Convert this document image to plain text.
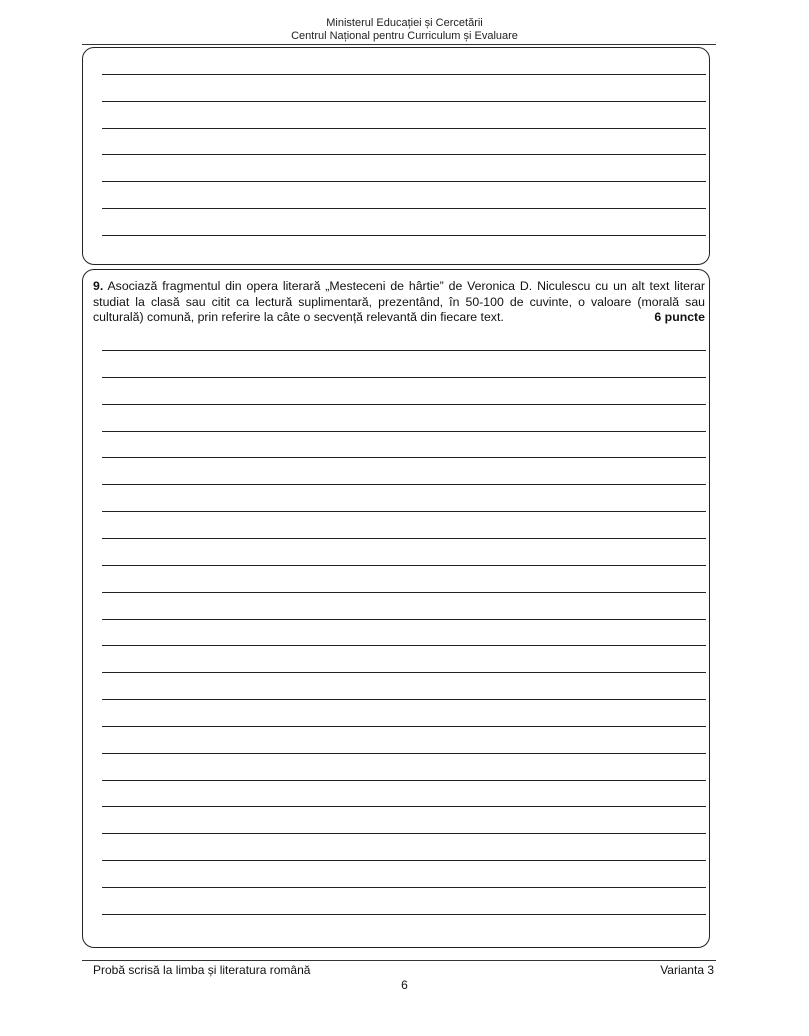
Ministerul Educației și Cercetării
Centrul Național pentru Curriculum și Evaluare
9. Asociază fragmentul din opera literară „Mesteceni de hârtie” de Veronica D. Niculescu cu un alt text literar studiat la clasă sau citit ca lectură suplimentară, prezentând, în 50-100 de cuvinte, o valoare (morală sau culturală) comună, prin referire la câte o secvență relevantă din fiecare text.	6 puncte
Probă scrisă la limba și literatura română	Varianta 3
6
